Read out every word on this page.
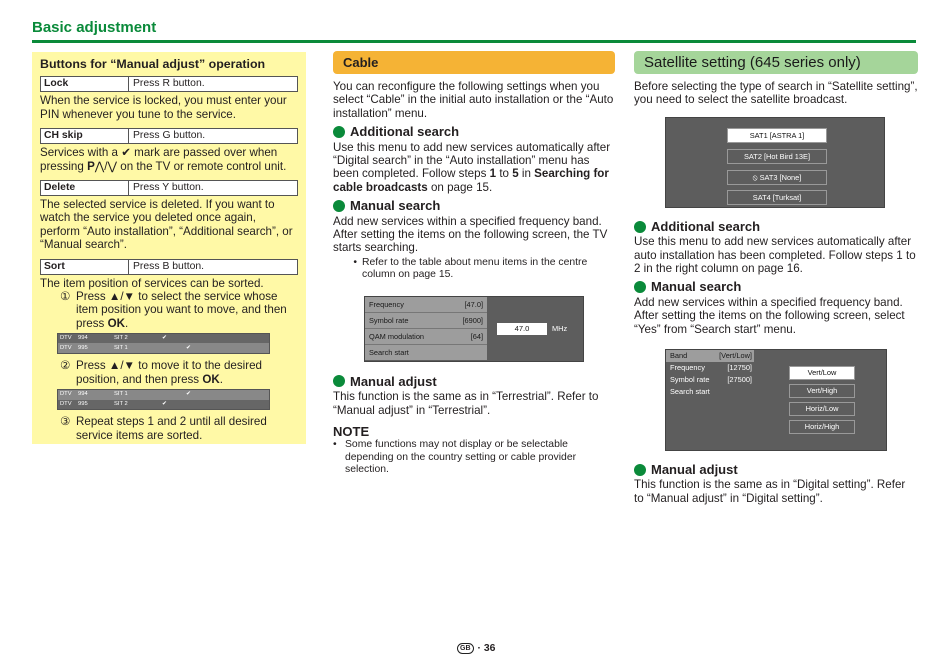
Basic adjustment
Buttons for “Manual adjust” operation
Lock	Press R button.

When the service is locked, you must enter your PIN whenever you tune to the service.

CH skip	Press G button.

Services with a ✔ mark are passed over when pressing P⋀/⋁ on the TV or remote control unit.

Delete	Press Y button.

The selected service is deleted. If you want to watch the service you deleted once again, perform “Auto installation”, “Additional search”, or “Manual search”.

Sort	Press B button.

The item position of services can be sorted.

① Press ▲/▼ to select the service whose item position you want to move, and then press OK.
DTV	994	SIT 2	✔
DTV	995	SIT 1	✔
② Press ▲/▼ to move it to the desired position, and then press OK.
DTV	994	SIT 1	✔
DTV	995	SIT 2	✔
③ Repeat steps 1 and 2 until all desired service items are sorted.
Cable

You can reconfigure the following settings when you select “Cable” in the initial auto installation or the “Auto installation” menu.

Additional search

Use this menu to add new services automatically after “Digital search” in the “Auto installation” menu has been completed. Follow steps 1 to 5 in Searching for cable broadcasts on page 15.

Manual search

Add new services within a specified frequency band. After setting the items on the following screen, the TV starts searching.

• Refer to the table about menu items in the centre column on page 15.
Frequency	[47.0]
Symbol rate	[6900]
QAM modulation	[64]
Search start
47.0	MHz
Manual adjust

This function is the same as in “Terrestrial”. Refer to “Manual adjust” in “Terrestrial”.

NOTE
• Some functions may not display or be selectable depending on the country setting or cable provider selection.
Satellite setting (645 series only)

Before selecting the type of search in “Satellite setting”, you need to select the satellite broadcast.

SAT1 [ASTRA 1]
SAT2 [Hot Bird 13E]
⦸ SAT3 [None]
SAT4 [Turksat]
Additional search

Use this menu to add new services automatically after auto installation has been completed. Follow steps 1 to 2 in the right column on page 16.

Manual search

Add new services within a specified frequency band. After setting the items on the following screen, select “Yes” from “Search start” menu.

Band	[Vert/Low]
Frequency	[12750]
Symbol rate [27500]
Search start
Vert/Low
Vert/High
Horiz/Low
Horiz/High
Manual adjust

This function is the same as in “Digital setting”. Refer to “Manual adjust” in “Digital setting”.

GB ·
36
